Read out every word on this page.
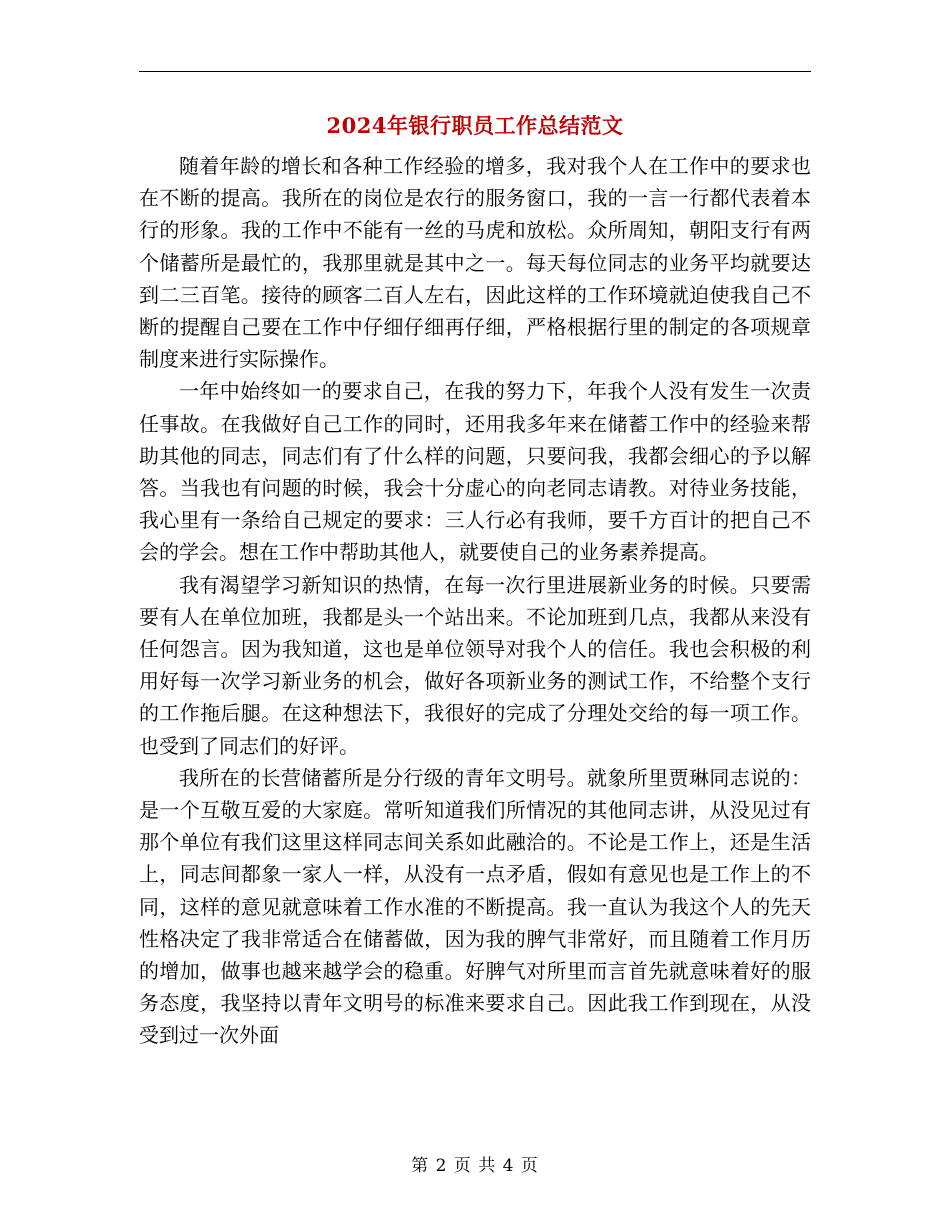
2024年银行职员工作总结范文

随着年龄的增长和各种工作经验的增多，我对我个人在工作中的要求也在不断的提高。我所在的岗位是农行的服务窗口，我的一言一行都代表着本行的形象。我的工作中不能有一丝的马虎和放松。众所周知，朝阳支行有两个储蓄所是最忙的，我那里就是其中之一。每天每位同志的业务平均就要达到二三百笔。接待的顾客二百人左右，因此这样的工作环境就迫使我自己不断的提醒自己要在工作中仔细仔细再仔细，严格根据行里的制定的各项规章制度来进行实际操作。

一年中始终如一的要求自己，在我的努力下，年我个人没有发生一次责任事故。在我做好自己工作的同时，还用我多年来在储蓄工作中的经验来帮助其他的同志，同志们有了什么样的问题，只要问我，我都会细心的予以解答。当我也有问题的时候，我会十分虚心的向老同志请教。对待业务技能，我心里有一条给自己规定的要求：三人行必有我师，要千方百计的把自己不会的学会。想在工作中帮助其他人，就要使自己的业务素养提高。

我有渴望学习新知识的热情，在每一次行里进展新业务的时候。只要需要有人在单位加班，我都是头一个站出来。不论加班到几点，我都从来没有任何怨言。因为我知道，这也是单位领导对我个人的信任。我也会积极的利用好每一次学习新业务的机会，做好各项新业务的测试工作，不给整个支行的工作拖后腿。在这种想法下，我很好的完成了分理处交给的每一项工作。也受到了同志们的好评。

我所在的长营储蓄所是分行级的青年文明号。就象所里贾琳同志说的：是一个互敬互爱的大家庭。常听知道我们所情况的其他同志讲，从没见过有那个单位有我们这里这样同志间关系如此融洽的。不论是工作上，还是生活上，同志间都象一家人一样，从没有一点矛盾，假如有意见也是工作上的不同，这样的意见就意味着工作水准的不断提高。我一直认为我这个人的先天性格决定了我非常适合在储蓄做，因为我的脾气非常好，而且随着工作月历的增加，做事也越来越学会的稳重。好脾气对所里而言首先就意味着好的服务态度，我坚持以青年文明号的标准来要求自己。因此我工作到现在，从没受到过一次外面

第 2 页 共 4 页
